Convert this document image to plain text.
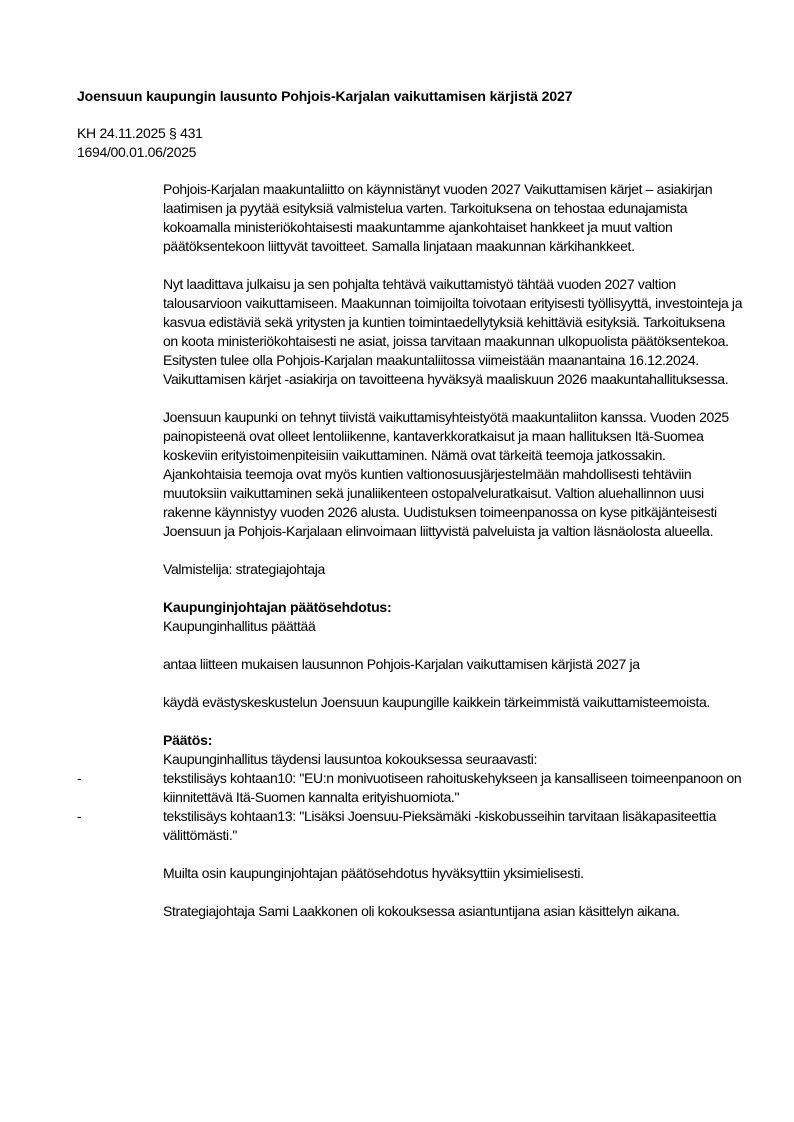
Joensuun kaupungin lausunto Pohjois-Karjalan vaikuttamisen kärjistä 2027
KH 24.11.2025 § 431
1694/00.01.06/2025

Pohjois-Karjalan maakuntaliitto on käynnistänyt vuoden 2027 Vaikuttamisen kärjet – asiakirjan laatimisen ja pyytää esityksiä valmistelua varten. Tarkoituksena on tehostaa edunajamista kokoamalla ministeriökohtaisesti maakuntamme ajankohtaiset hankkeet ja muut valtion päätöksentekoon liittyvät tavoitteet. Samalla linjataan maakunnan kärkihankkeet.

Nyt laadittava julkaisu ja sen pohjalta tehtävä vaikuttamistyö tähtää vuoden 2027 valtion talousarvioon vaikuttamiseen. Maakunnan toimijoilta toivotaan erityisesti työllisyyttä, investointeja ja kasvua edistäviä sekä yritysten ja kuntien toimintaedellytyksiä kehittäviä esityksiä. Tarkoituksena on koota ministeriökohtaisesti ne asiat, joissa tarvitaan maakunnan ulkopuolista päätöksentekoa. Esitysten tulee olla Pohjois-Karjalan maakuntaliitossa viimeistään maanantaina 16.12.2024. Vaikuttamisen kärjet -asiakirja on tavoitteena hyväksyä maaliskuun 2026 maakuntahallituksessa.

Joensuun kaupunki on tehnyt tiivistä vaikuttamisyhteistyötä maakuntaliiton kanssa. Vuoden 2025 painopisteenä ovat olleet lentoliikenne, kantaverkkoratkaisut ja maan hallituksen Itä-Suomea koskeviin erityistoimenpiteisiin vaikuttaminen. Nämä ovat tärkeitä teemoja jatkossakin. Ajankohtaisia teemoja ovat myös kuntien valtionosuusjärjestelmään mahdollisesti tehtäviin muutoksiin vaikuttaminen sekä junaliikenteen ostopalveluratkaisut. Valtion aluehallinnon uusi rakenne käynnistyy vuoden 2026 alusta. Uudistuksen toimeenpanossa on kyse pitkäjänteisesti Joensuun ja Pohjois-Karjalaan elinvoimaan liittyvistä palveluista ja valtion läsnäolosta alueella.

Valmistelija: strategiajohtaja

Kaupunginjohtajan päätösehdotus:

Kaupunginhallitus päättää

antaa liitteen mukaisen lausunnon Pohjois-Karjalan vaikuttamisen kärjistä 2027 ja

käydä evästyskeskustelun Joensuun kaupungille kaikkein tärkeimmistä vaikuttamisteemoista.

Päätös:

Kaupunginhallitus täydensi lausuntoa kokouksessa seuraavasti:

-	tekstilisäys kohtaan10: "EU:n monivuotiseen rahoituskehykseen ja kansalliseen toimeenpanoon on kiinnitettävä Itä-Suomen kannalta erityishuomiota."
-	tekstilisäys kohtaan13: "Lisäksi Joensuu-Pieksämäki -kiskobusseihin tarvitaan lisäkapasiteettia välittömästi."

Muilta osin kaupunginjohtajan päätösehdotus hyväksyttiin yksimielisesti.

Strategiajohtaja Sami Laakkonen oli kokouksessa asiantuntijana asian käsittelyn aikana.
